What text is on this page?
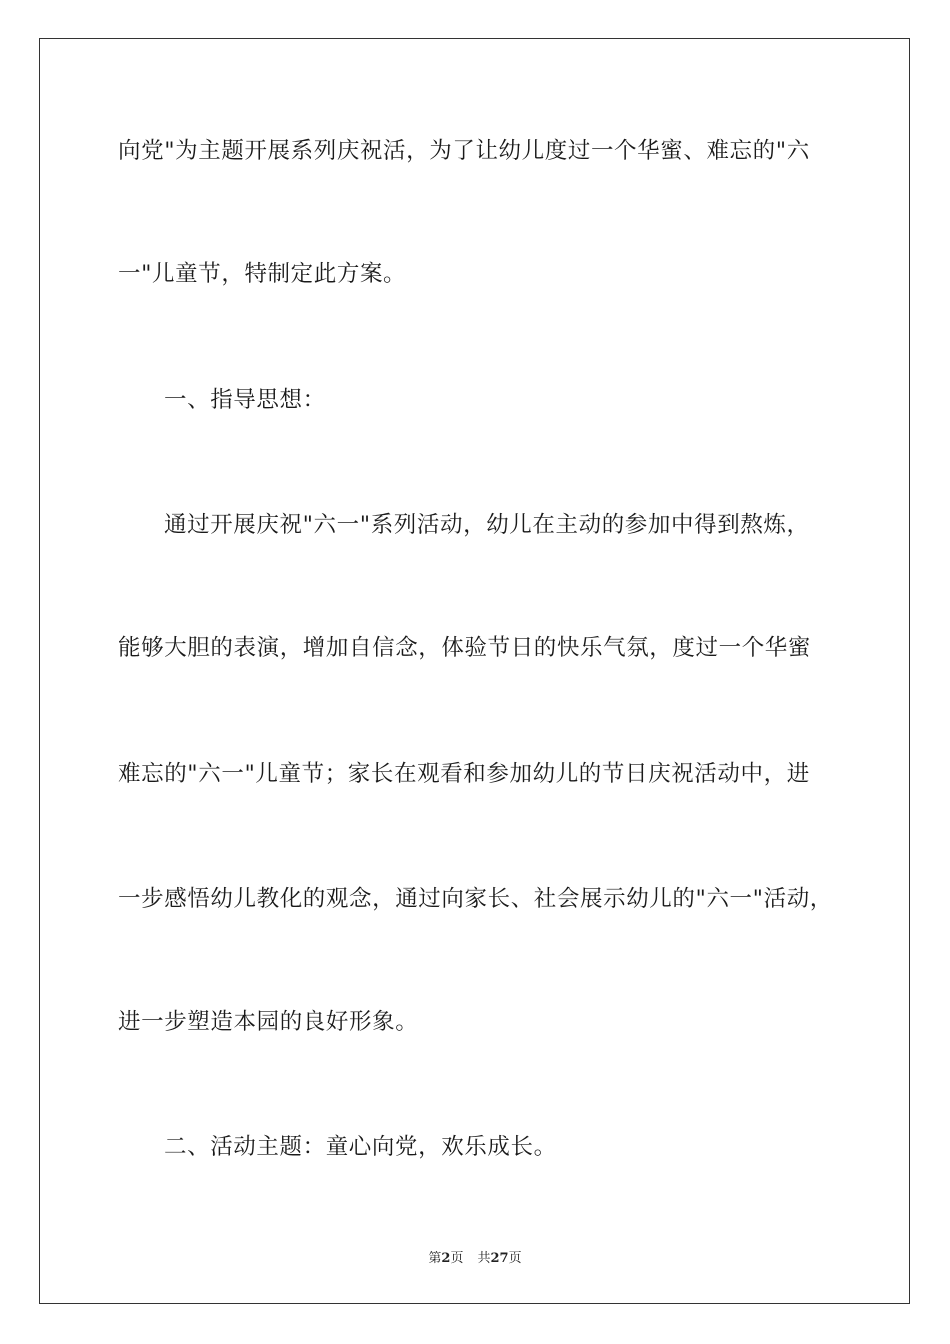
向党"为主题开展系列庆祝活，为了让幼儿度过一个华蜜、难忘的"六
一"儿童节，特制定此方案。
一、指导思想：
通过开展庆祝"六一"系列活动，幼儿在主动的参加中得到熬炼，
能够大胆的表演，增加自信念，体验节日的快乐气氛，度过一个华蜜
难忘的"六一"儿童节；家长在观看和参加幼儿的节日庆祝活动中，进
一步感悟幼儿教化的观念，通过向家长、社会展示幼儿的"六一"活动，
进一步塑造本园的良好形象。
二、活动主题：童心向党，欢乐成长。
第2页 共27页
